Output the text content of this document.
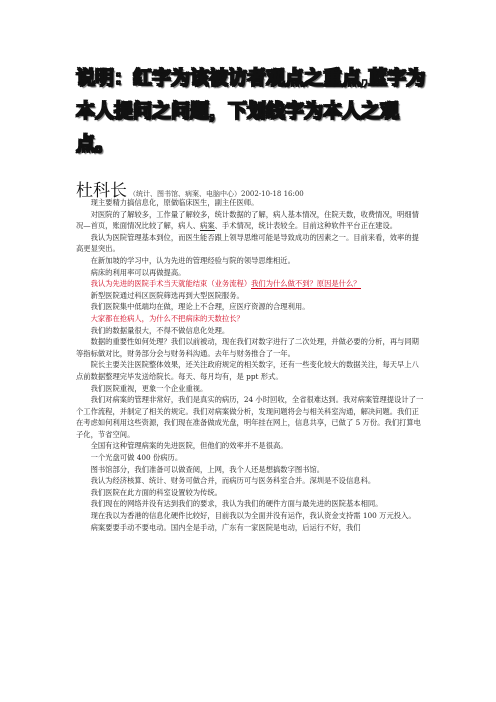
说明：红字为该被访者观点之重点,蓝字为本人提问之问题，下划线字为本人之观点。
杜科长 （统计、图书馆、病案、电脑中心）2002-10-18 16:00

现主要精力搞信息化，原做临床医生，副主任医师。

对医院的了解较多，工作量了解较多，统计数据的了解，病人基本情况，住院天数，收费情况，明细情况—首页，账面情况比较了解，病人、病案、手术情况，统计表较全。目前这种软件平台正在建设。

我认为医院管理基本到位，而医生能否跟上领导思维可能是导致成功的因素之一。目前来看，效率的提高更显突出。

在新加坡的学习中，认为先进的管理经验与院的领导思维相近。

病床的利用率可以再做提高。

我认为先进的医院手术当天就能结束（业务流程）我们为什么做不到？原因是什么？

新型医院通过科区医院筛选再到大型医院服务。

我们医院集中低端均在做，理论上不合理，应医疗资源的合理利用。

大家都在抢病人，为什么不把病床的天数拉长？

我们的数据量很大，不得不做信息化处理。

数据的重要性如何处理？我们以前被动，现在我们对数字进行了二次处理，并做必要的分析，再与同期等指标做对比，财务部分会与财务科沟通。去年与财务推合了一年。

院长主要关注医院整体效果，还关注政府规定的相关数字，还有一些变化较大的数据关注，每天早上八点前数据整理完毕发送给院长。每天、每月均有，是 ppt 形式。

我们医院重视，更象一个企业重视。

我们对病案的管理非常好，我们是真实的病历，24 小时回收，全省很难达到。我对病案管理提设计了一个工作流程，并制定了相关的规定。我们对病案做分析，发现问题将会与相关科室沟通，解决问题。我们正在考虑如何利用这些资源，我们现在准备做成光盘，明年挂在网上，信息共享，已做了 5 万份。我们打算电子化，节省空间。

全国有这种管理病案的先进医院，但他们的效率并不是很高。

一个光盘可做 400 份病历。

图书馆部分，我们准备可以做查阅，上网，我个人还是想搞数字图书馆。

我认为经济核算、统计、财务可做合并，而病历可与医务科室合并。深圳是不设信息科。

我们医院在此方面的科室设置较为传统。

我们现在的网络并没有达到我们的要求，我认为我们的硬件方面与最先进的医院基本相同。

现在我以为香港的信息化硬件比较好，目前我以为全面并没有运作，我认资金支持需 100 万元投入。

病案要要手动不要电动。国内全是手动，广东有一家医院是电动，后运行不好，我们
